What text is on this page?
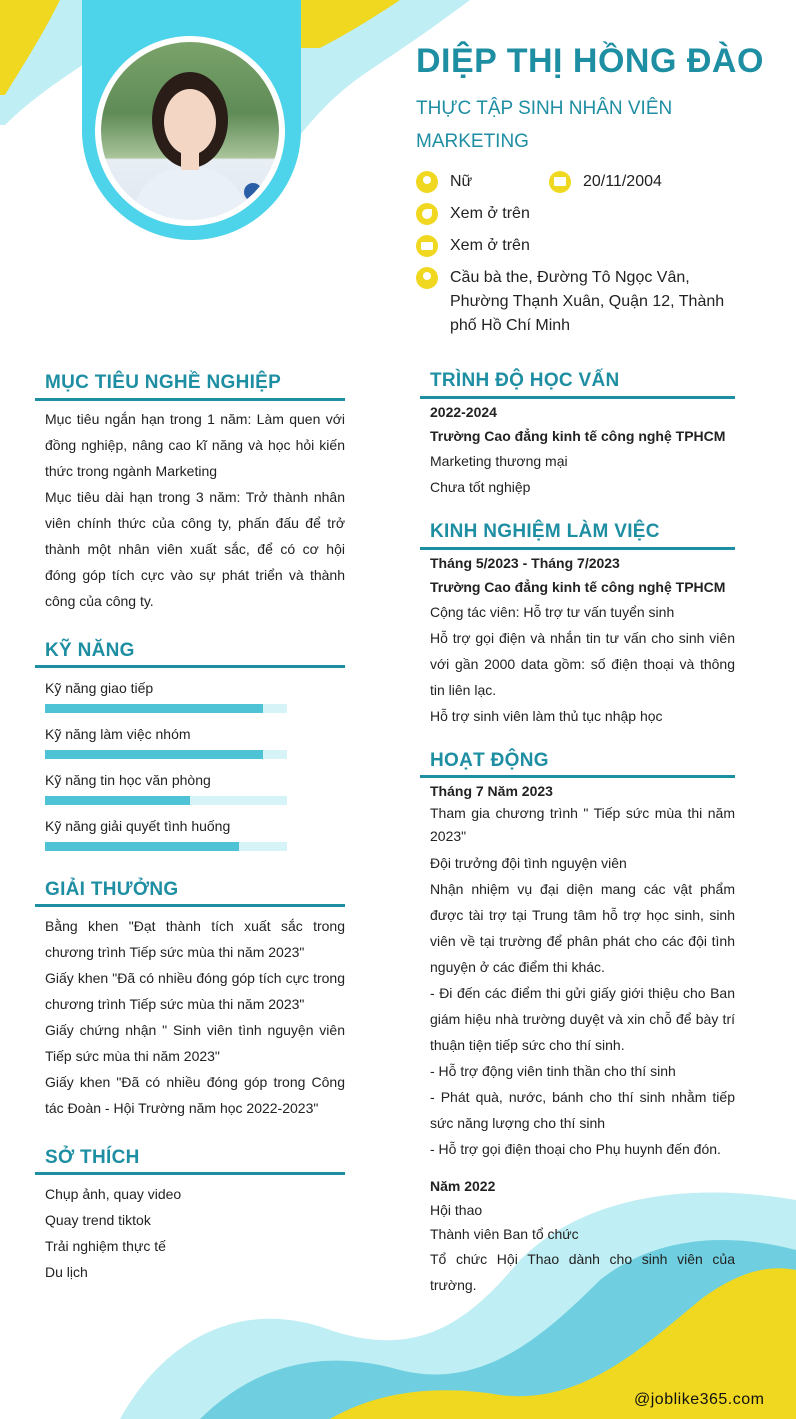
DIỆP THỊ HỒNG ĐÀO
THỰC TẬP SINH NHÂN VIÊN MARKETING
Nữ	20/11/2004
Xem ở trên
Xem ở trên
Cầu bà the, Đường Tô Ngọc Vân, Phường Thạnh Xuân, Quận 12, Thành phố Hồ Chí Minh
MỤC TIÊU NGHỀ NGHIỆP

Mục tiêu ngắn hạn trong 1 năm: Làm quen với đồng nghiệp, nâng cao kĩ năng và học hỏi kiến thức trong ngành Marketing

Mục tiêu dài hạn trong 3 năm: Trở thành nhân viên chính thức của công ty, phấn đấu để trở thành một nhân viên xuất sắc, để có cơ hội đóng góp tích cực vào sự phát triển và thành công của công ty.

KỸ NĂNG
Kỹ năng giao tiếp
Kỹ năng làm việc nhóm
Kỹ năng tin học văn phòng
Kỹ năng giải quyết tình huống
GIẢI THƯỞNG

Bằng khen "Đạt thành tích xuất sắc trong chương trình Tiếp sức mùa thi năm 2023"

Giấy khen "Đã có nhiều đóng góp tích cực trong chương trình Tiếp sức mùa thi năm 2023"

Giấy chứng nhận " Sinh viên tình nguyện viên Tiếp sức mùa thi năm 2023"

Giấy khen "Đã có nhiều đóng góp trong Công tác Đoàn - Hội Trường năm học 2022-2023"

SỞ THÍCH

Chụp ảnh, quay video

Quay trend tiktok

Trải nghiệm thực tế

Du lịch

TRÌNH ĐỘ HỌC VẤN

2022-2024

Trường Cao đẳng kinh tế công nghệ TPHCM

Marketing thương mại

Chưa tốt nghiệp

KINH NGHIỆM LÀM VIỆC

Tháng 5/2023 - Tháng 7/2023

Trường Cao đẳng kinh tế công nghệ TPHCM

Cộng tác viên: Hỗ trợ tư vấn tuyển sinh

Hỗ trợ gọi điện và nhắn tin tư vấn cho sinh viên với gần 2000 data gồm: số điện thoại và thông tin liên lạc.

Hỗ trợ sinh viên làm thủ tục nhập học

HOẠT ĐỘNG

Tháng 7 Năm 2023

Tham gia chương trình " Tiếp sức mùa thi năm 2023"

Đội trưởng đội tình nguyện viên

Nhận nhiệm vụ đại diện mang các vật phẩm được tài trợ tại Trung tâm hỗ trợ học sinh, sinh viên về tại trường để phân phát cho các đội tình nguyện ở các điểm thi khác.

- Đi đến các điểm thi gửi giấy giới thiệu cho Ban giám hiệu nhà trường duyệt và xin chỗ để bày trí thuận tiện tiếp sức cho thí sinh.

- Hỗ trợ động viên tinh thần cho thí sinh

- Phát quà, nước, bánh cho thí sinh nhằm tiếp sức năng lượng cho thí sinh

- Hỗ trợ gọi điện thoại cho Phụ huynh đến đón.

Năm 2022

Hội thao

Thành viên Ban tổ chức

Tổ chức Hội Thao dành cho sinh viên của trường.

@joblike365.com
